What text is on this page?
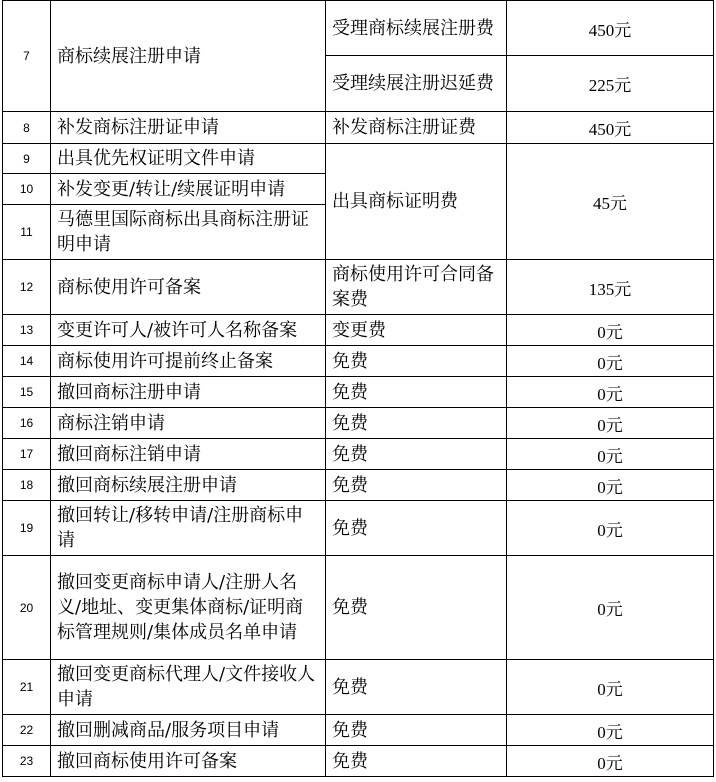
7	商标续展注册申请	受理商标续展注册费	450元
		受理续展注册迟延费	225元
8	补发商标注册证申请	补发商标注册证费	450元
9	出具优先权证明文件申请	出具商标证明费	45元
10	补发变更/转让/续展证明申请		
11	马德里国际商标出具商标注册证明申请		
12	商标使用许可备案	商标使用许可合同备案费	135元
13	变更许可人/被许可人名称备案	变更费	0元
14	商标使用许可提前终止备案	免费	0元
15	撤回商标注册申请	免费	0元
16	商标注销申请	免费	0元
17	撤回商标注销申请	免费	0元
18	撤回商标续展注册申请	免费	0元
19	撤回转让/移转申请/注册商标申请	免费	0元
20	撤回变更商标申请人/注册人名义/地址、变更集体商标/证明商标管理规则/集体成员名单申请	免费	0元
21	撤回变更商标代理人/文件接收人申请	免费	0元
22	撤回删减商品/服务项目申请	免费	0元
23	撤回商标使用许可备案	免费	0元
